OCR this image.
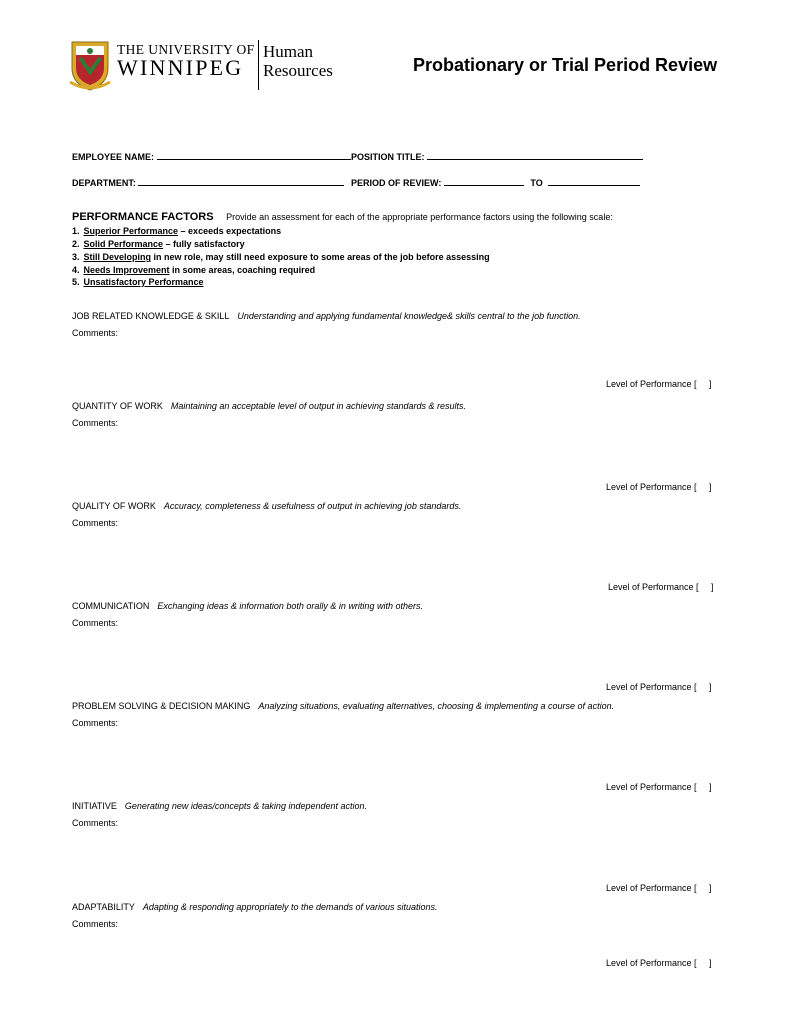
THE UNIVERSITY OF
WINNIPEG
Human
Resources	Probationary or Trial Period Review
EMPLOYEE NAME:	POSITION TITLE:
DEPARTMENT:	PERIOD OF REVIEW:	TO
PERFORMANCE FACTORS Provide an assessment for each of the appropriate performance factors using the following scale:
1. Superior Performance – exceeds expectations
2. Solid Performance – fully satisfactory
3. Still Developing in new role, may still need exposure to some areas of the job before assessing
4. Needs Improvement in some areas, coaching required
5. Unsatisfactory Performance
JOB RELATED KNOWLEDGE & SKILL Understanding and applying fundamental knowledge& skills central to the job function.
Comments:
Level of Performance [     ]
QUANTITY OF WORK Maintaining an acceptable level of output in achieving standards & results.
Comments:
Level of Performance [     ]
QUALITY OF WORK Accuracy, completeness & usefulness of output in achieving job standards.
Comments:
Level of Performance [     ]
COMMUNICATION Exchanging ideas & information both orally & in writing with others.
Comments:
Level of Performance [     ]
PROBLEM SOLVING & DECISION MAKING Analyzing situations, evaluating alternatives, choosing & implementing a course of action.
Comments:
Level of Performance [     ]
INITIATIVE Generating new ideas/concepts & taking independent action.
Comments:
Level of Performance [     ]
ADAPTABILITY Adapting & responding appropriately to the demands of various situations.
Comments:
Level of Performance [     ]
